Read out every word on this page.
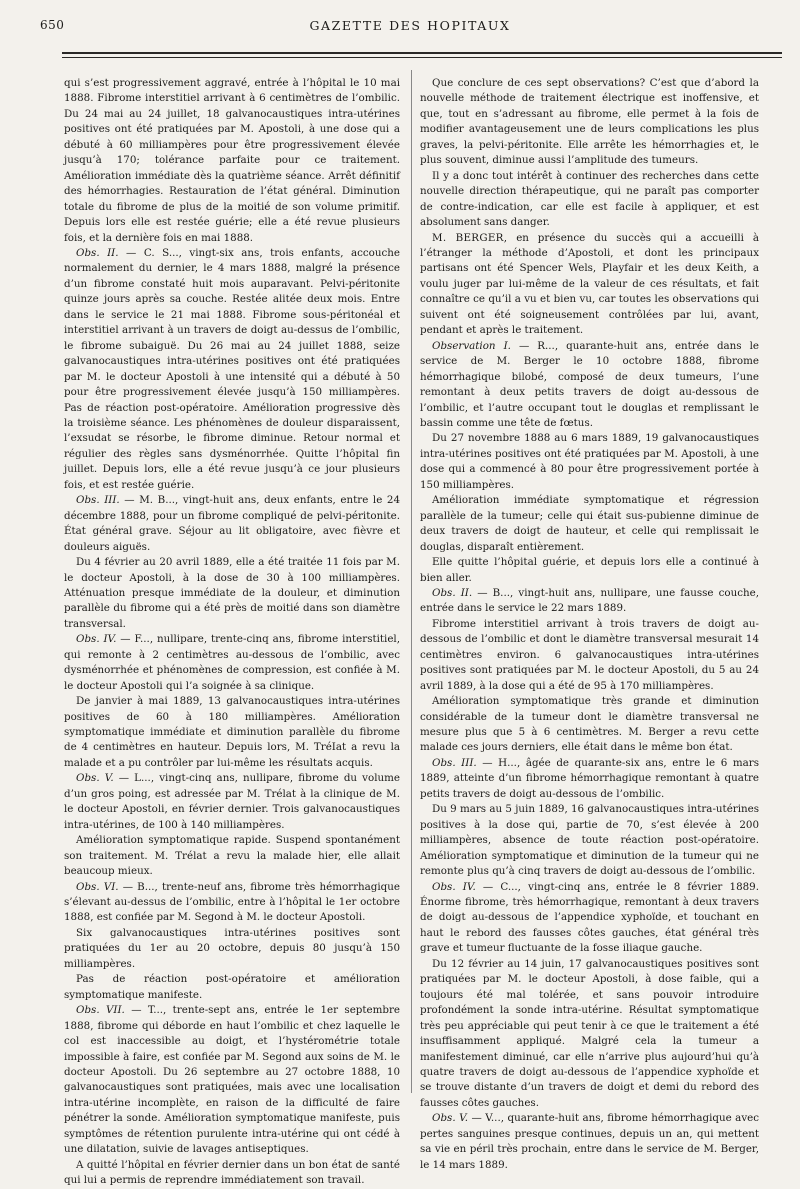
650	GAZETTE DES HOPITAUX

qui s’est progressivement aggravé, entrée à l’hôpital le 10 mai 1888. Fibrome interstitiel arrivant à 6 centimètres de l’ombilic. Du 24 mai au 24 juillet, 18 galvanocaustiques intra-utérines positives ont été pratiquées par M. Apostoli, à une dose qui a débuté à 60 milliampères pour être progressivement élevée jusqu’à 170; tolérance parfaite pour ce traitement. Amélioration immédiate dès la quatrième séance. Arrêt définitif des hémorrhagies. Restauration de l’état général. Diminution totale du fibrome de plus de la moitié de son volume primitif. Depuis lors elle est restée guérie; elle a été revue plusieurs fois, et la dernière fois en mai 1888.

Obs. II. — C. S..., vingt-six ans, trois enfants, accouche normalement du dernier, le 4 mars 1888, malgré la présence d’un fibrome constaté huit mois auparavant. Pelvi-péritonite quinze jours après sa couche. Restée alitée deux mois. Entre dans le service le 21 mai 1888. Fibrome sous-péritonéal et interstitiel arrivant à un travers de doigt au-dessus de l’ombilic, le fibrome subaiguë. Du 26 mai au 24 juillet 1888, seize galvanocaustiques intra-utérines positives ont été pratiquées par M. le docteur Apostoli à une intensité qui a débuté à 50 pour être progressivement élevée jusqu’à 150 milliampères. Pas de réaction post-opératoire. Amélioration progressive dès la troisième séance. Les phénomènes de douleur disparaissent, l’exsudat se résorbe, le fibrome diminue. Retour normal et régulier des règles sans dysménorrhée. Quitte l’hôpital fin juillet. Depuis lors, elle a été revue jusqu’à ce jour plusieurs fois, et est restée guérie.

Obs. III. — M. B..., vingt-huit ans, deux enfants, entre le 24 décembre 1888, pour un fibrome compliqué de pelvi-péritonite. État général grave. Séjour au lit obligatoire, avec fièvre et douleurs aiguës.

Du 4 février au 20 avril 1889, elle a été traitée 11 fois par M. le docteur Apostoli, à la dose de 30 à 100 milliampères. Atténuation presque immédiate de la douleur, et diminution parallèle du fibrome qui a été près de moitié dans son diamètre transversal.

Obs. IV. — F..., nullipare, trente-cinq ans, fibrome interstitiel, qui remonte à 2 centimètres au-dessous de l’ombilic, avec dysménorrhée et phénomènes de compression, est confiée à M. le docteur Apostoli qui l’a soignée à sa clinique.

De janvier à mai 1889, 13 galvanocaustiques intra-utérines positives de 60 à 180 milliampères. Amélioration symptomatique immédiate et diminution parallèle du fibrome de 4 centimètres en hauteur. Depuis lors, M. TréIat a revu la malade et a pu contrôler par lui-même les résultats acquis.

Obs. V. — L..., vingt-cinq ans, nullipare, fibrome du volume d’un gros poing, est adressée par M. Trélat à la clinique de M. le docteur Apostoli, en février dernier. Trois galvanocaustiques intra-utérines, de 100 à 140 milliampères.

Amélioration symptomatique rapide. Suspend spontanément son traitement. M. Trélat a revu la malade hier, elle allait beaucoup mieux.

Obs. VI. — B..., trente-neuf ans, fibrome très hémorrhagique s’élevant au-dessus de l’ombilic, entre à l’hôpital le 1er octobre 1888, est confiée par M. Segond à M. le docteur Apostoli.

Six galvanocaustiques intra-utérines positives sont pratiquées du 1er au 20 octobre, depuis 80 jusqu’à 150 milliampères.

Pas de réaction post-opératoire et amélioration symptomatique manifeste.

Obs. VII. — T..., trente-sept ans, entrée le 1er septembre 1888, fibrome qui déborde en haut l’ombilic et chez laquelle le col est inaccessible au doigt, et l’hystérométrie totale impossible à faire, est confiée par M. Segond aux soins de M. le docteur Apostoli. Du 26 septembre au 27 octobre 1888, 10 galvanocaustiques sont pratiquées, mais avec une localisation intra-utérine incomplète, en raison de la difficulté de faire pénétrer la sonde. Amélioration symptomatique manifeste, puis symptômes de rétention purulente intra-utérine qui ont cédé à une dilatation, suivie de lavages antiseptiques.

A quitté l’hôpital en février dernier dans un bon état de santé qui lui a permis de reprendre immédiatement son travail.

Que conclure de ces sept observations? C’est que d’abord la nouvelle méthode de traitement électrique est inoffensive, et que, tout en s’adressant au fibrome, elle permet à la fois de modifier avantageusement une de leurs complications les plus graves, la pelvi-péritonite. Elle arrête les hémorrhagies et, le plus souvent, diminue aussi l’amplitude des tumeurs.

Il y a donc tout intérêt à continuer des recherches dans cette nouvelle direction thérapeutique, qui ne paraît pas comporter de contre-indication, car elle est facile à appliquer, et est absolument sans danger.

M. BERGER, en présence du succès qui a accueilli à l’étranger la méthode d’Apostoli, et dont les principaux partisans ont été Spencer Wels, Playfair et les deux Keith, a voulu juger par lui-même de la valeur de ces résultats, et fait connaître ce qu’il a vu et bien vu, car toutes les observations qui suivent ont été soigneusement contrôlées par lui, avant, pendant et après le traitement.

Observation I. — R..., quarante-huit ans, entrée dans le service de M. Berger le 10 octobre 1888, fibrome hémorrhagique bilobé, composé de deux tumeurs, l’une remontant à deux petits travers de doigt au-dessous de l’ombilic, et l’autre occupant tout le douglas et remplissant le bassin comme une tête de fœtus.

Du 27 novembre 1888 au 6 mars 1889, 19 galvanocaustiques intra-utérines positives ont été pratiquées par M. Apostoli, à une dose qui a commencé à 80 pour être progressivement portée à 150 milliampères.

Amélioration immédiate symptomatique et régression parallèle de la tumeur; celle qui était sus-pubienne diminue de deux travers de doigt de hauteur, et celle qui remplissait le douglas, disparaît entièrement.

Elle quitte l’hôpital guérie, et depuis lors elle a continué à bien aller.

Obs. II. — B..., vingt-huit ans, nullipare, une fausse couche, entrée dans le service le 22 mars 1889.

Fibrome interstitiel arrivant à trois travers de doigt au-dessous de l’ombilic et dont le diamètre transversal mesurait 14 centimètres environ. 6 galvanocaustiques intra-utérines positives sont pratiquées par M. le docteur Apostoli, du 5 au 24 avril 1889, à la dose qui a été de 95 à 170 milliampères.

Amélioration symptomatique très grande et diminution considérable de la tumeur dont le diamètre transversal ne mesure plus que 5 à 6 centimètres. M. Berger a revu cette malade ces jours derniers, elle était dans le même bon état.

Obs. III. — H..., âgée de quarante-six ans, entre le 6 mars 1889, atteinte d’un fibrome hémorrhagique remontant à quatre petits travers de doigt au-dessous de l’ombilic.

Du 9 mars au 5 juin 1889, 16 galvanocaustiques intra-utérines positives à la dose qui, partie de 70, s’est élevée à 200 milliampères, absence de toute réaction post-opératoire. Amélioration symptomatique et diminution de la tumeur qui ne remonte plus qu’à cinq travers de doigt au-dessous de l’ombilic.

Obs. IV. — C..., vingt-cinq ans, entrée le 8 février 1889. Énorme fibrome, très hémorrhagique, remontant à deux travers de doigt au-dessous de l’appendice xyphoïde, et touchant en haut le rebord des fausses côtes gauches, état général très grave et tumeur fluctuante de la fosse iliaque gauche.

Du 12 février au 14 juin, 17 galvanocaustiques positives sont pratiquées par M. le docteur Apostoli, à dose faible, qui a toujours été mal tolérée, et sans pouvoir introduire profondément la sonde intra-utérine. Résultat symptomatique très peu appréciable qui peut tenir à ce que le traitement a été insuffisamment appliqué. Malgré cela la tumeur a manifestement diminué, car elle n’arrive plus aujourd’hui qu’à quatre travers de doigt au-dessous de l’appendice xyphoïde et se trouve distante d’un travers de doigt et demi du rebord des fausses côtes gauches.

Obs. V. — V..., quarante-huit ans, fibrome hémorrhagique avec pertes sanguines presque continues, depuis un an, qui mettent sa vie en péril très prochain, entre dans le service de M. Berger, le 14 mars 1889.
